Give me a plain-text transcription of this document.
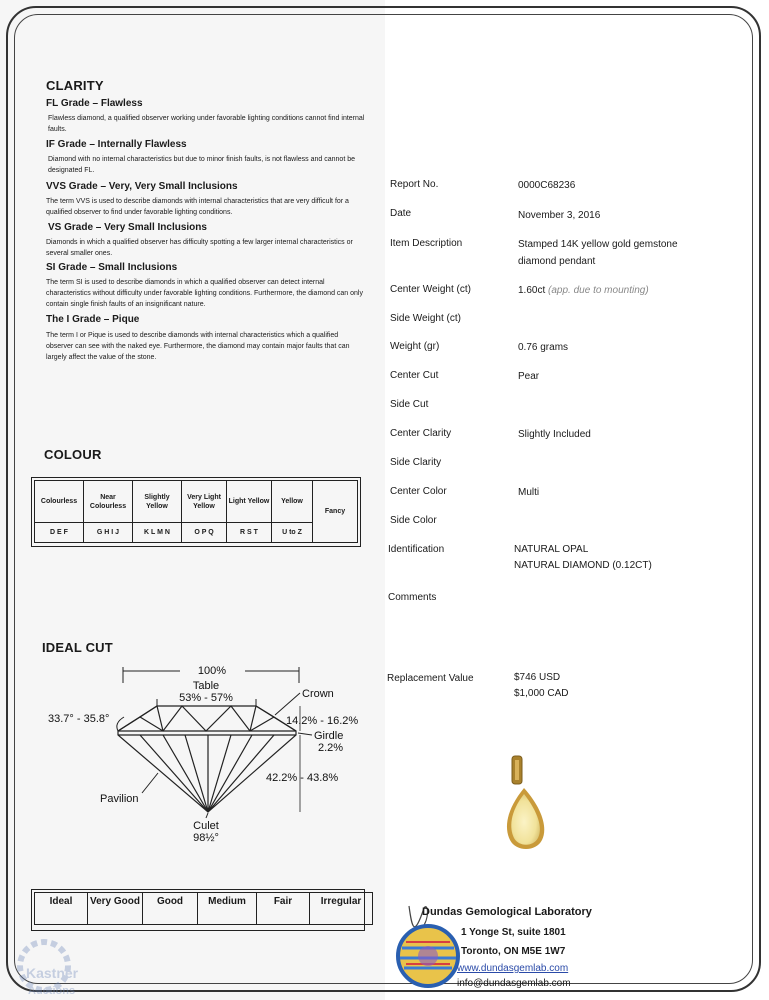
CLARITY
FL Grade – Flawless
Flawless diamond, a qualified observer working under favorable lighting conditions cannot find internal faults.
IF Grade – Internally Flawless
Diamond with no internal characteristics but due to minor finish faults, is not flawless and cannot be designated FL.
VVS Grade – Very, Very Small Inclusions
The term VVS is used to describe diamonds with internal characteristics that are very difficult for a qualified observer to find under favorable lighting conditions.
VS Grade – Very Small Inclusions
Diamonds in which a qualified observer has difficulty spotting a few larger internal characteristics or several smaller ones.
SI Grade – Small Inclusions
The term SI is used to describe diamonds in which a qualified observer can detect internal characteristics without difficulty under favorable lighting conditions. Furthermore, the diamond can only contain single finish faults of an insignificant nature.
The I Grade – Pique
The term I or Pique is used to describe diamonds with internal characteristics which a qualified observer can see with the naked eye. Furthermore, the diamond may contain major faults that can largely affect the value of the stone.
COLOUR
Colourless	Near Colourless	Slightly Yellow	Very Light Yellow	Light Yellow	Yellow	Fancy
D E F	G H I J	K L M N	O P Q	R S T	U to Z	
IDEAL CUT
100%
Table
53% - 57%
33.7° - 35.8°
Crown
14.2% - 16.2%
Girdle
2.2%
42.2% - 43.8%
Pavilion
Culet
98½°
Ideal	Very Good	Good	Medium	Fair	Irregular
Kastner
Auctions
Report No.	0000C68236
Date	November 3, 2016
Item Description	Stamped 14K yellow gold gemstone diamond pendant
Center Weight (ct)	1.60ct (app. due to mounting)
Side Weight (ct)
Weight (gr)	0.76 grams
Center Cut	Pear
Side Cut
Center Clarity	Slightly Included
Side Clarity
Center Color	Multi
Side Color
Identification	NATURAL OPAL
NATURAL DIAMOND (0.12CT)
Comments
Replacement Value	$746 USD
$1,000 CAD
Dundas Gemological Laboratory
1 Yonge St, suite 1801
Toronto, ON M5E 1W7
www.dundasgemlab.com
info@dundasgemlab.com
